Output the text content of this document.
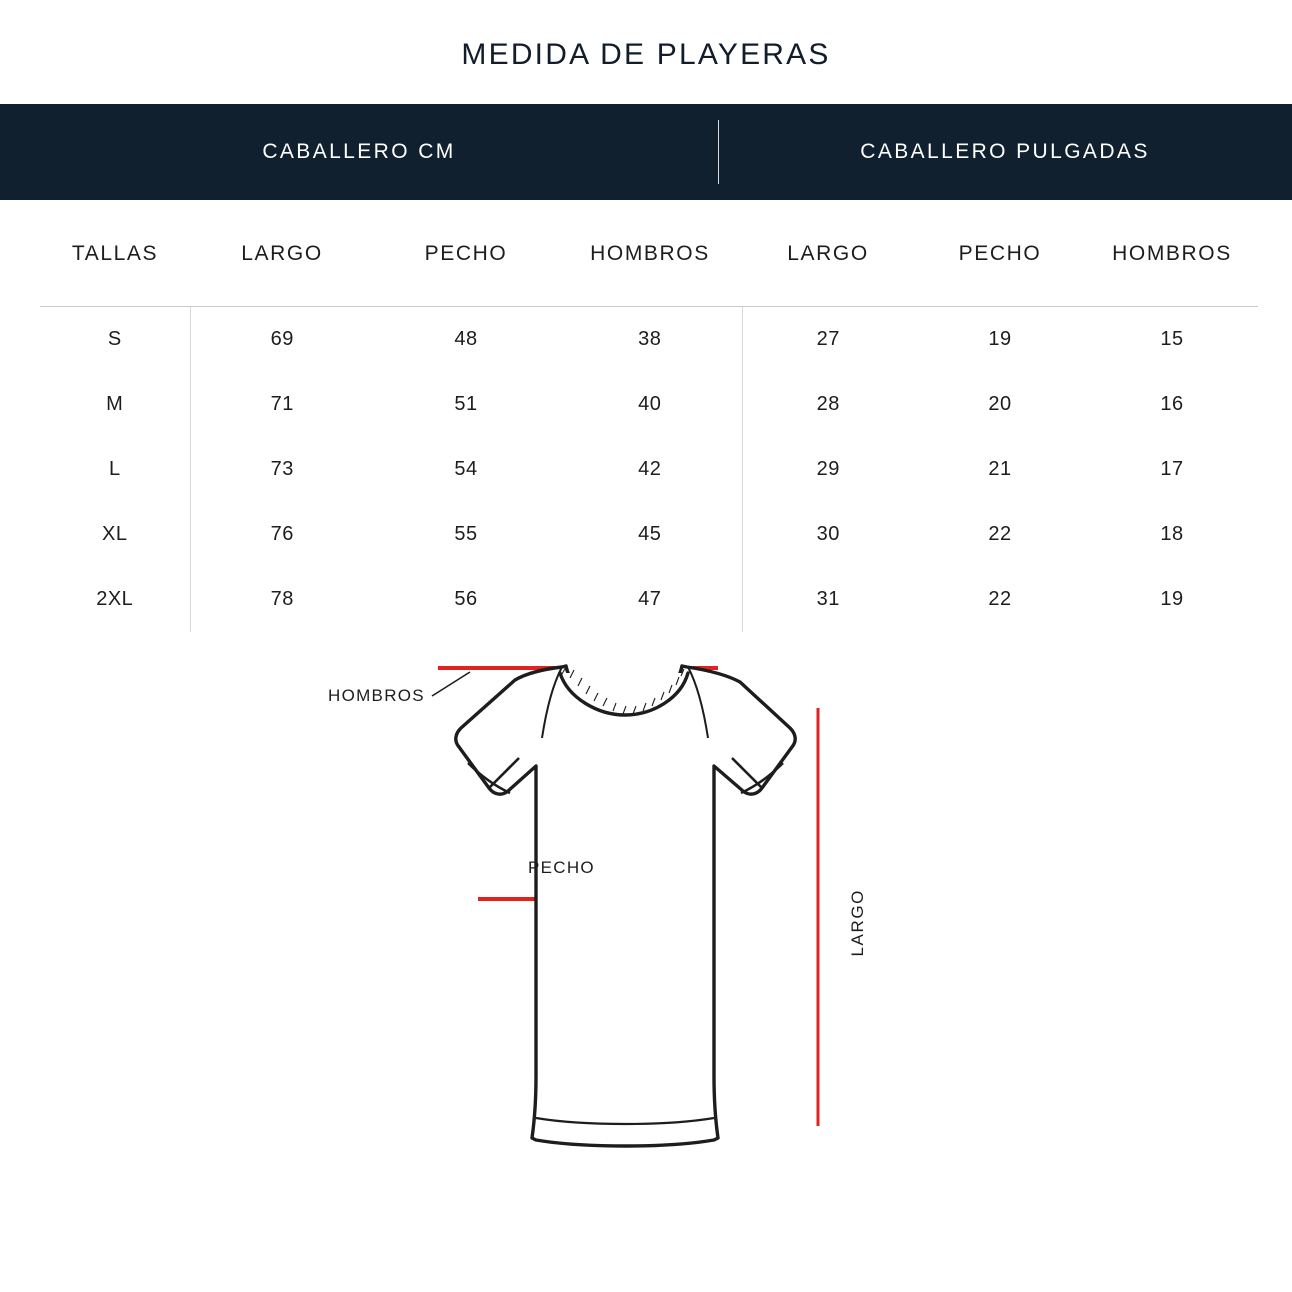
MEDIDA DE PLAYERAS
CABALLERO CM	CABALLERO PULGADAS
TALLAS	LARGO	PECHO	HOMBROS	LARGO	PECHO	HOMBROS
S	69	48	38	27	19	15
M	71	51	40	28	20	16
L	73	54	42	29	21	17
XL	76	55	45	30	22	18
2XL	78	56	47	31	22	19
HOMBROS
PECHO
LARGO
